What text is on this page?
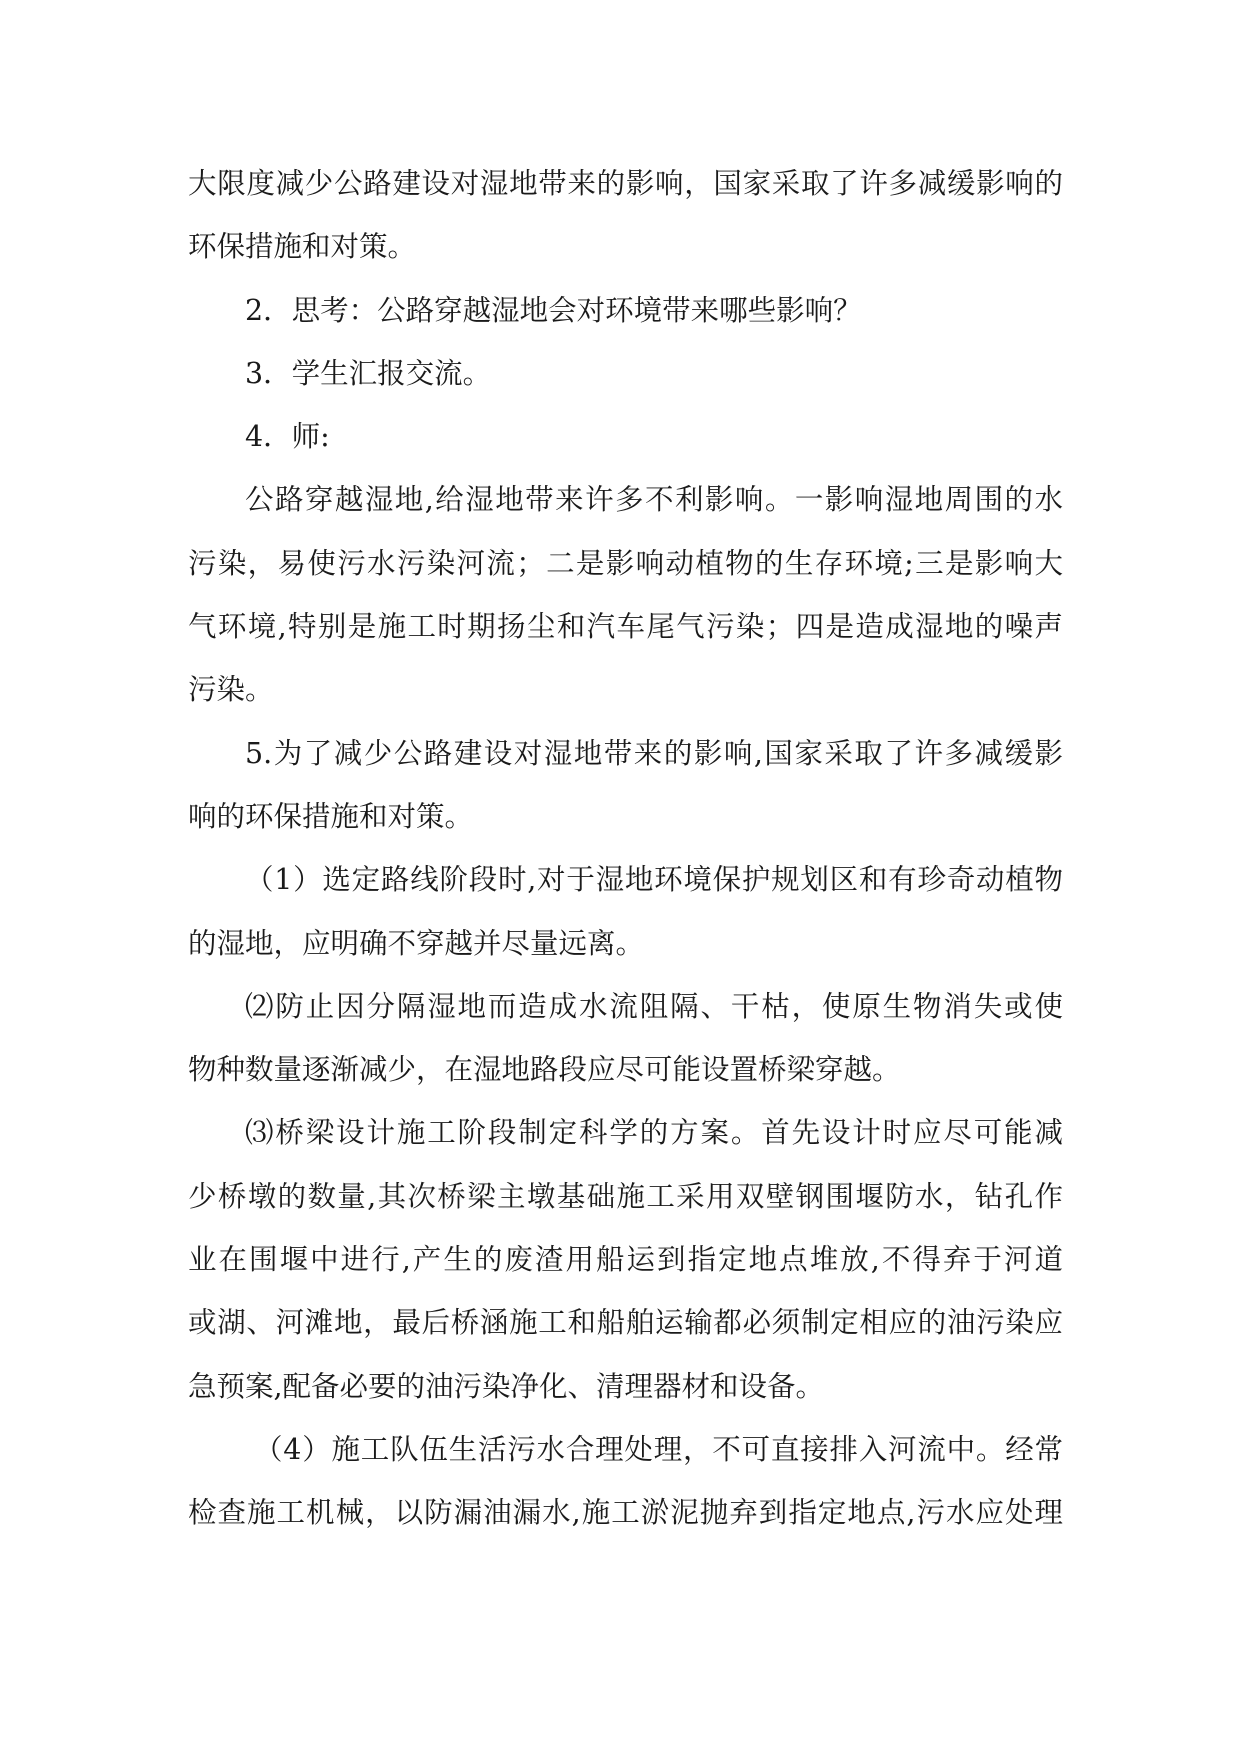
大限度减少公路建设对湿地带来的影响，国家采取了许多减缓影响的
环保措施和对策。
2．思考：公路穿越湿地会对环境带来哪些影响？
3．学生汇报交流。
4．师:
公路穿越湿地,给湿地带来许多不利影响。一影响湿地周围的水
污染，易使污水污染河流；二是影响动植物的生存环境;三是影响大
气环境,特别是施工时期扬尘和汽车尾气污染；四是造成湿地的噪声
污染。
5.为了减少公路建设对湿地带来的影响,国家采取了许多减缓影
响的环保措施和对策。
（1）选定路线阶段时,对于湿地环境保护规划区和有珍奇动植物
的湿地，应明确不穿越并尽量远离。
⑵防止因分隔湿地而造成水流阻隔、干枯，使原生物消失或使
物种数量逐渐减少，在湿地路段应尽可能设置桥梁穿越。
⑶桥梁设计施工阶段制定科学的方案。首先设计时应尽可能减
少桥墩的数量,其次桥梁主墩基础施工采用双壁钢围堰防水，钻孔作
业在围堰中进行,产生的废渣用船运到指定地点堆放,不得弃于河道
或湖、河滩地，最后桥涵施工和船舶运输都必须制定相应的油污染应
急预案,配备必要的油污染净化、清理器材和设备。
（4）施工队伍生活污水合理处理，不可直接排入河流中。经常
检查施工机械，以防漏油漏水,施工淤泥抛弃到指定地点,污水应处理
